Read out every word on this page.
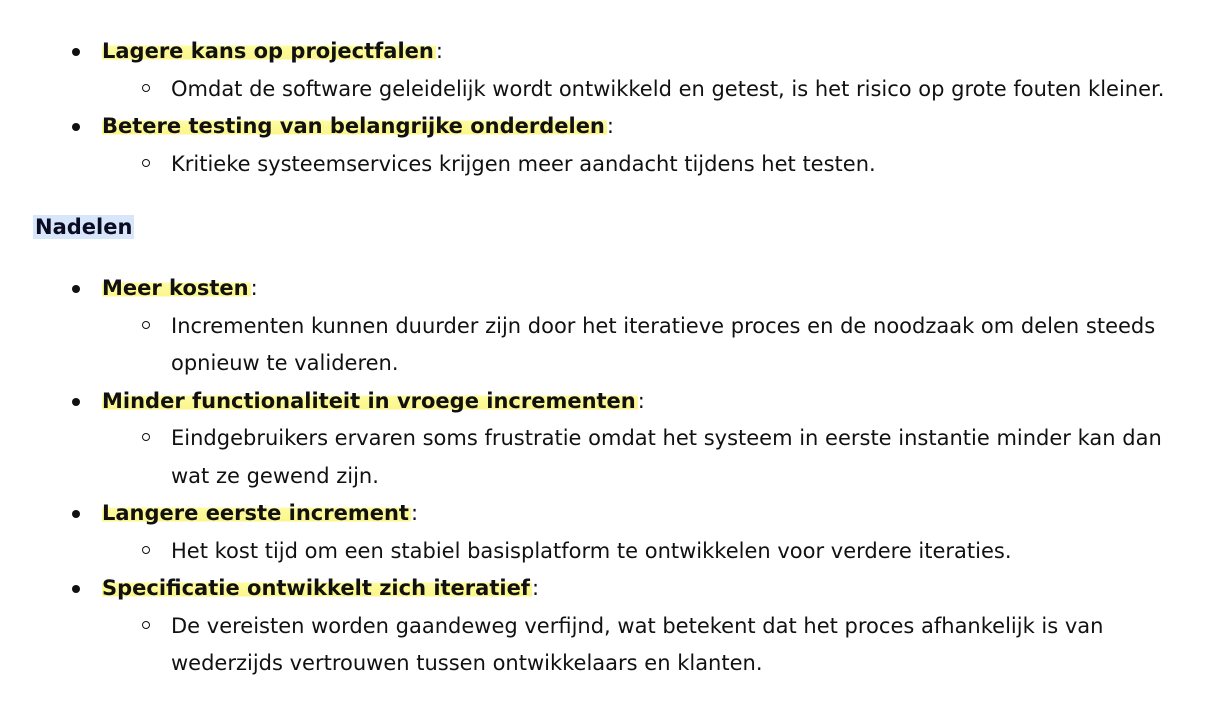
Lagere kans op projectfalen:
Omdat de software geleidelijk wordt ontwikkeld en getest, is het risico op grote fouten kleiner.
Betere testing van belangrijke onderdelen:
Kritieke systeemservices krijgen meer aandacht tijdens het testen.
Nadelen
Meer kosten:
Incrementen kunnen duurder zijn door het iteratieve proces en de noodzaak om delen steeds opnieuw te valideren.
Minder functionaliteit in vroege incrementen:
Eindgebruikers ervaren soms frustratie omdat het systeem in eerste instantie minder kan dan wat ze gewend zijn.
Langere eerste increment:
Het kost tijd om een stabiel basisplatform te ontwikkelen voor verdere iteraties.
Specificatie ontwikkelt zich iteratief:
De vereisten worden gaandeweg verfijnd, wat betekent dat het proces afhankelijk is van wederzijds vertrouwen tussen ontwikkelaars en klanten.
